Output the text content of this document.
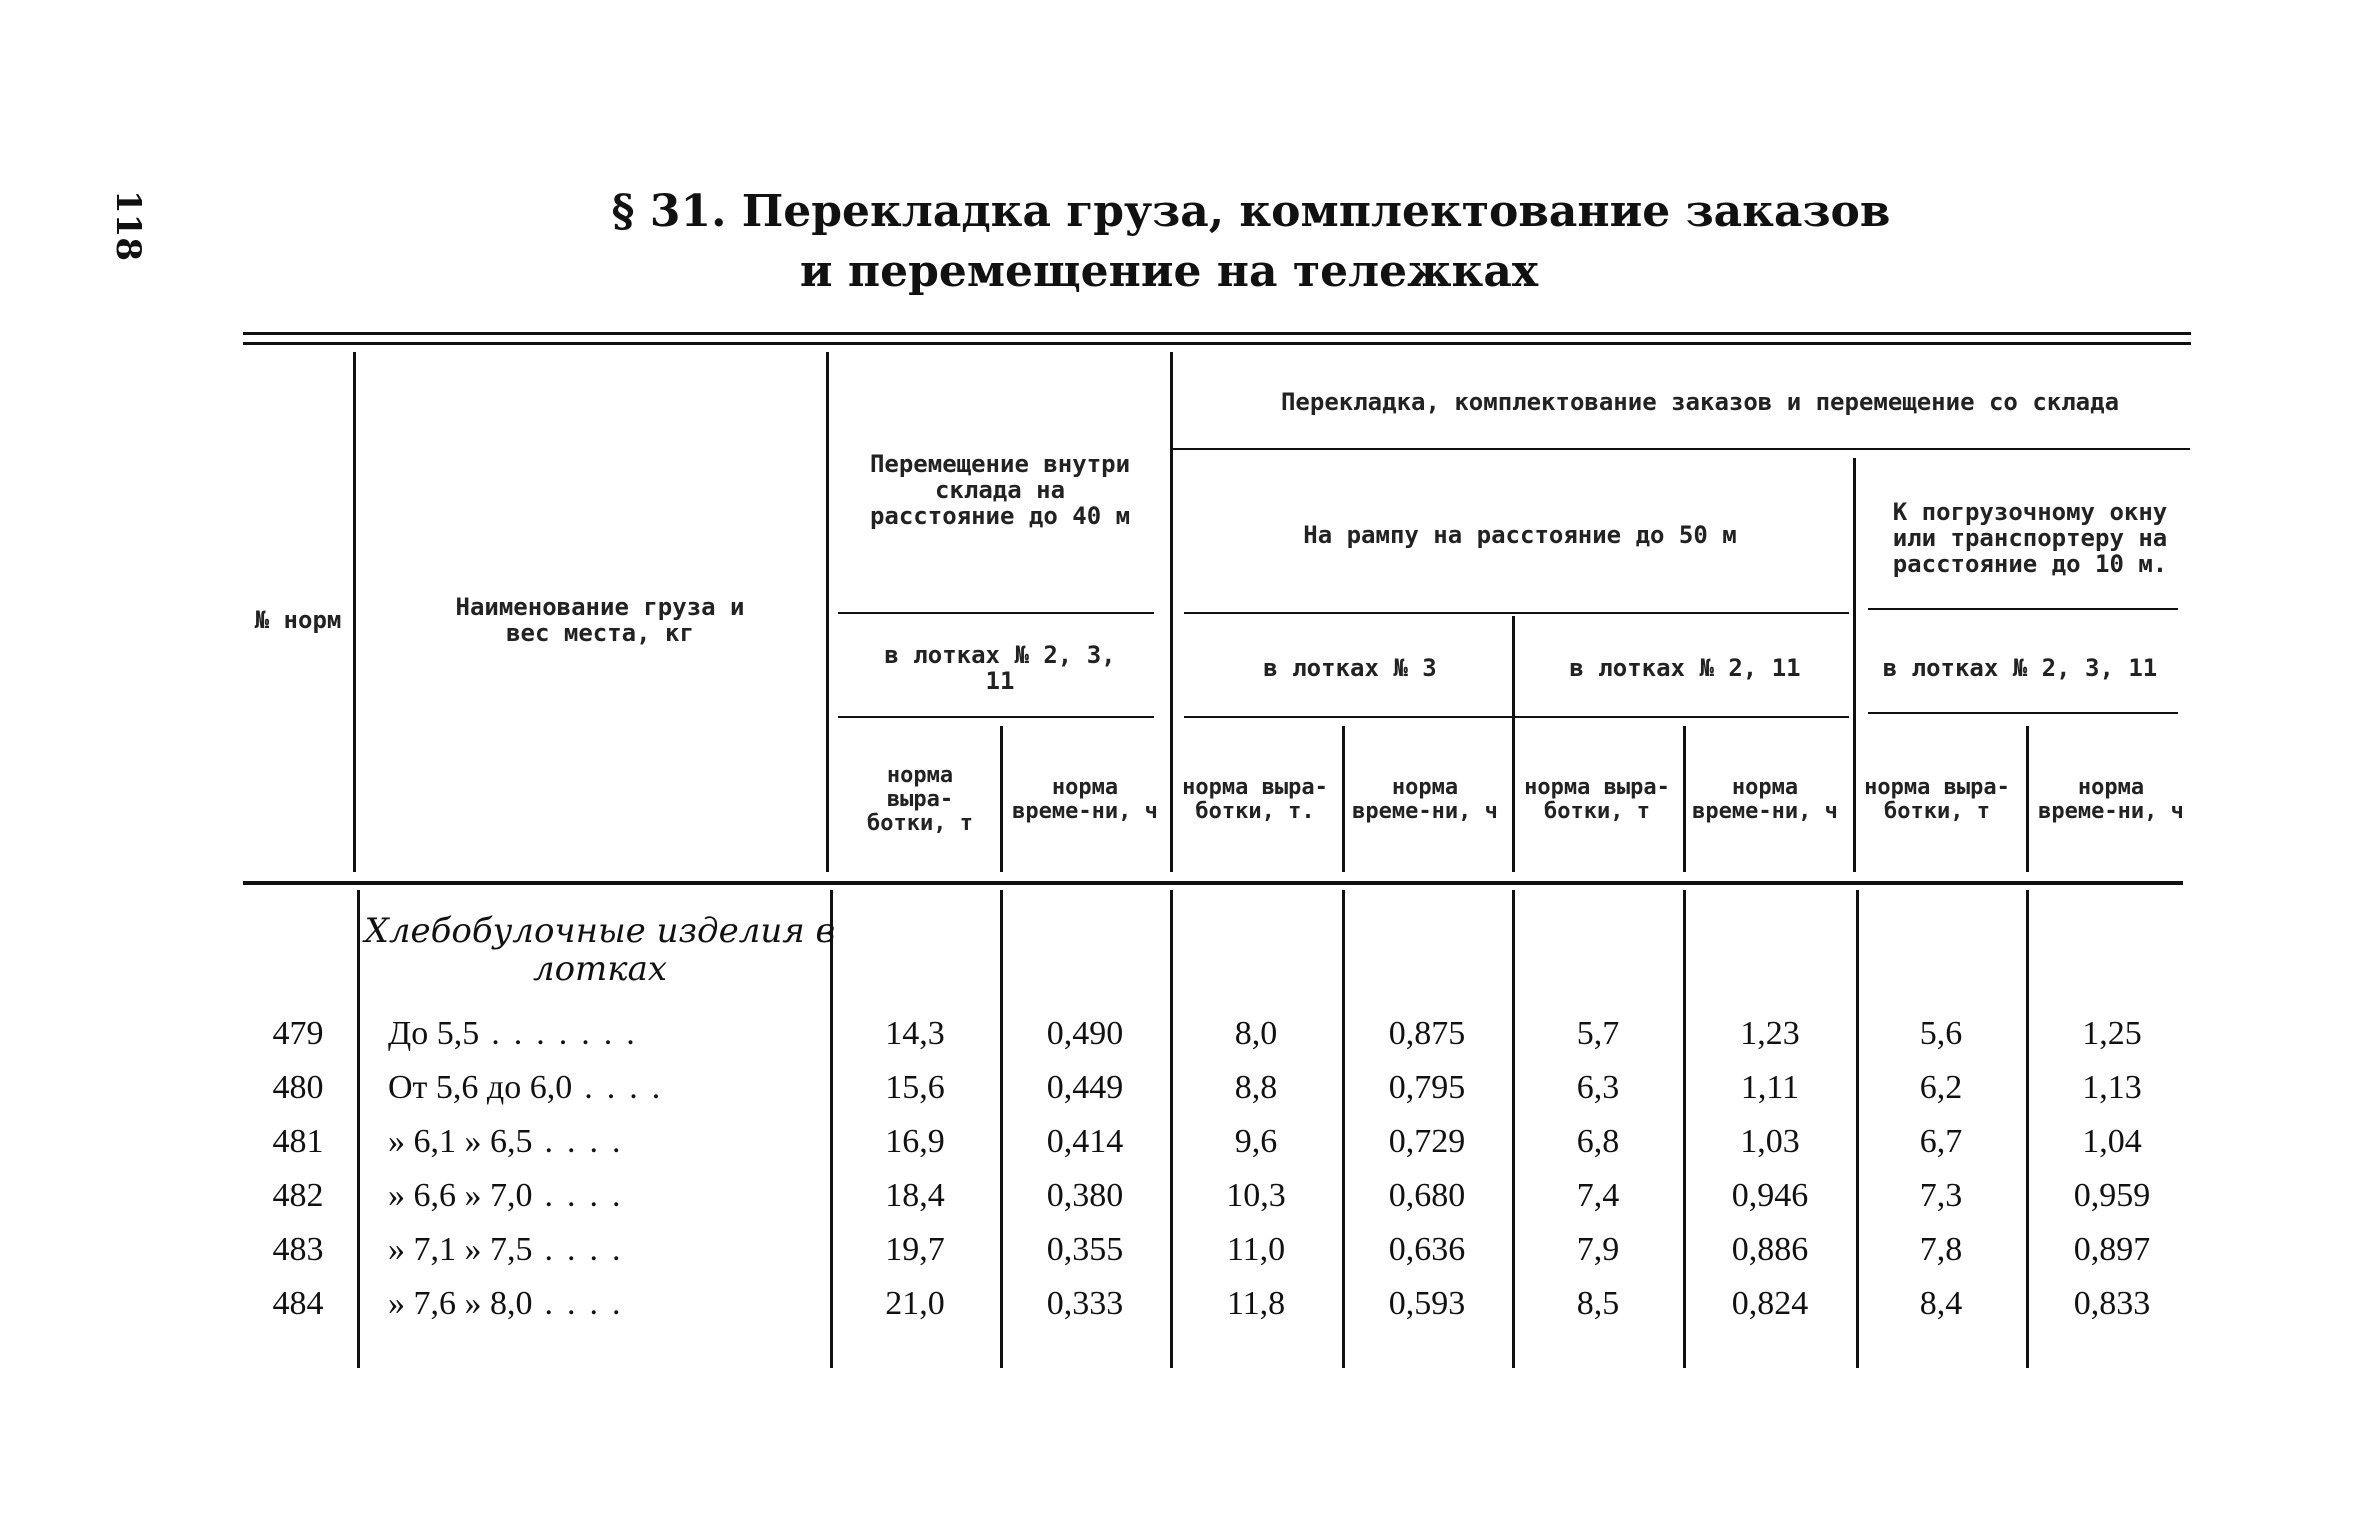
118	§ 31. Перекладка груза, комплектование заказов
и перемещение на тележках
№ норм	Наименование груза и вес места, кг
Перемещение внутри склада на расстояние до 40 м
Перекладка, комплектование заказов и перемещение со склада
На рампу на расстояние до 50 м
К погрузочному окну или транспортеру на расстояние до 10 м.
в лотках № 2, 3, 11	в лотках № 3	в лотках № 2, 11	в лотках № 2, 3, 11
норма выра-ботки, т
норма време-ни, ч
норма выра-ботки, т.
норма време-ни, ч
норма выра-ботки, т
норма време-ни, ч
норма выра-ботки, т
норма време-ни, ч
Хлебобулочные изделия в лотках
479	До 5,5 .......	14,3	0,490	8,0	0,875	5,7	1,23	5,6	1,25
480	От 5,6 до 6,0 ....	15,6	0,449	8,8	0,795	6,3	1,11	6,2	1,13
481	» 6,1 » 6,5 ....	16,9	0,414	9,6	0,729	6,8	1,03	6,7	1,04
482	» 6,6 » 7,0 ....	18,4	0,380	10,3	0,680	7,4	0,946	7,3	0,959
483	» 7,1 » 7,5 ....	19,7	0,355	11,0	0,636	7,9	0,886	7,8	0,897
484	» 7,6 » 8,0 ....	21,0	0,333	11,8	0,593	8,5	0,824	8,4	0,833
